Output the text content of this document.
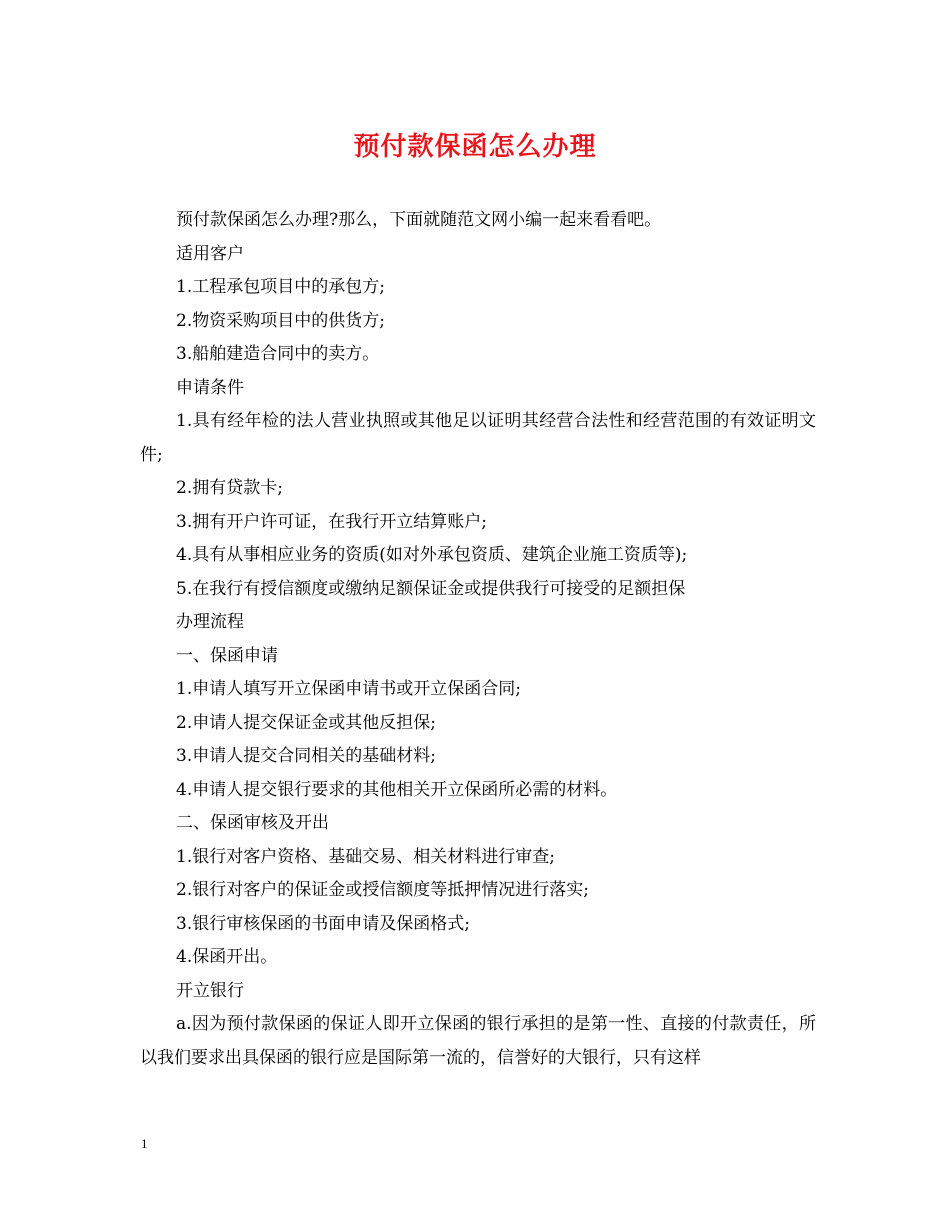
预付款保函怎么办理

预付款保函怎么办理?那么，下面就随范文网小编一起来看看吧。

适用客户

1.工程承包项目中的承包方;

2.物资采购项目中的供货方;

3.船舶建造合同中的卖方。

申请条件

1.具有经年检的法人营业执照或其他足以证明其经营合法性和经营范围的有效证明文件;

2.拥有贷款卡;

3.拥有开户许可证，在我行开立结算账户;

4.具有从事相应业务的资质(如对外承包资质、建筑企业施工资质等);

5.在我行有授信额度或缴纳足额保证金或提供我行可接受的足额担保

办理流程

一、保函申请

1.申请人填写开立保函申请书或开立保函合同;

2.申请人提交保证金或其他反担保;

3.申请人提交合同相关的基础材料;

4.申请人提交银行要求的其他相关开立保函所必需的材料。

二、保函审核及开出

1.银行对客户资格、基础交易、相关材料进行审查;

2.银行对客户的保证金或授信额度等抵押情况进行落实;

3.银行审核保函的书面申请及保函格式;

4.保函开出。

开立银行

a.因为预付款保函的保证人即开立保函的银行承担的是第一性、直接的付款责任，所以我们要求出具保函的银行应是国际第一流的，信誉好的大银行，只有这样

1
